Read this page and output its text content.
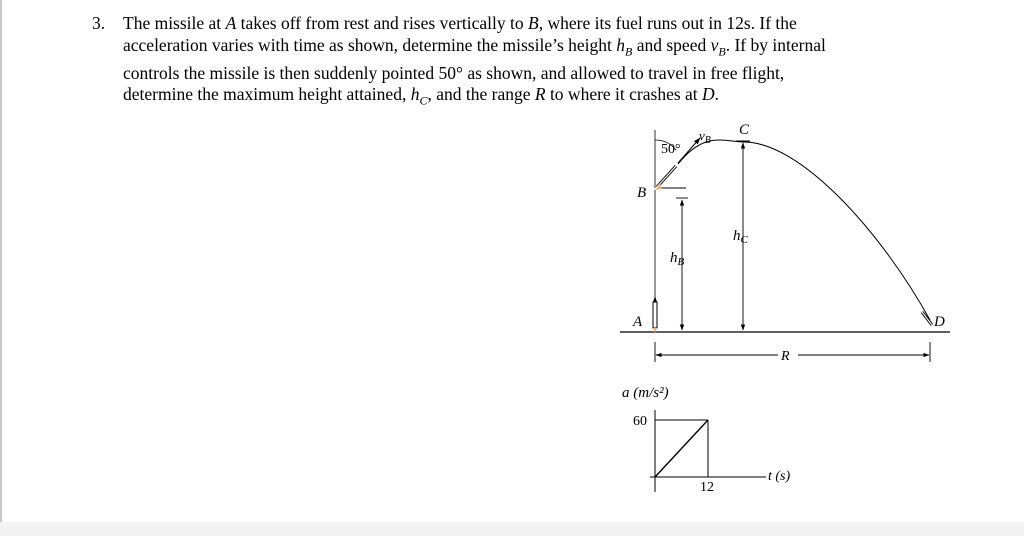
3. The missile at A takes off from rest and rises vertically to B, where its fuel runs out in 12s. If the
acceleration varies with time as shown, determine the missile’s height $h_B$ and speed $v_B$. If by internal
controls the missile is then suddenly pointed 50° as shown, and allowed to travel in free flight,
determine the maximum height attained, $h_C$, and the range R to where it crashes at D.
A
B
C
D
50°
$v_B$
$h_B$
$h_C$
R
a (m/s²)
60
12
t (s)
